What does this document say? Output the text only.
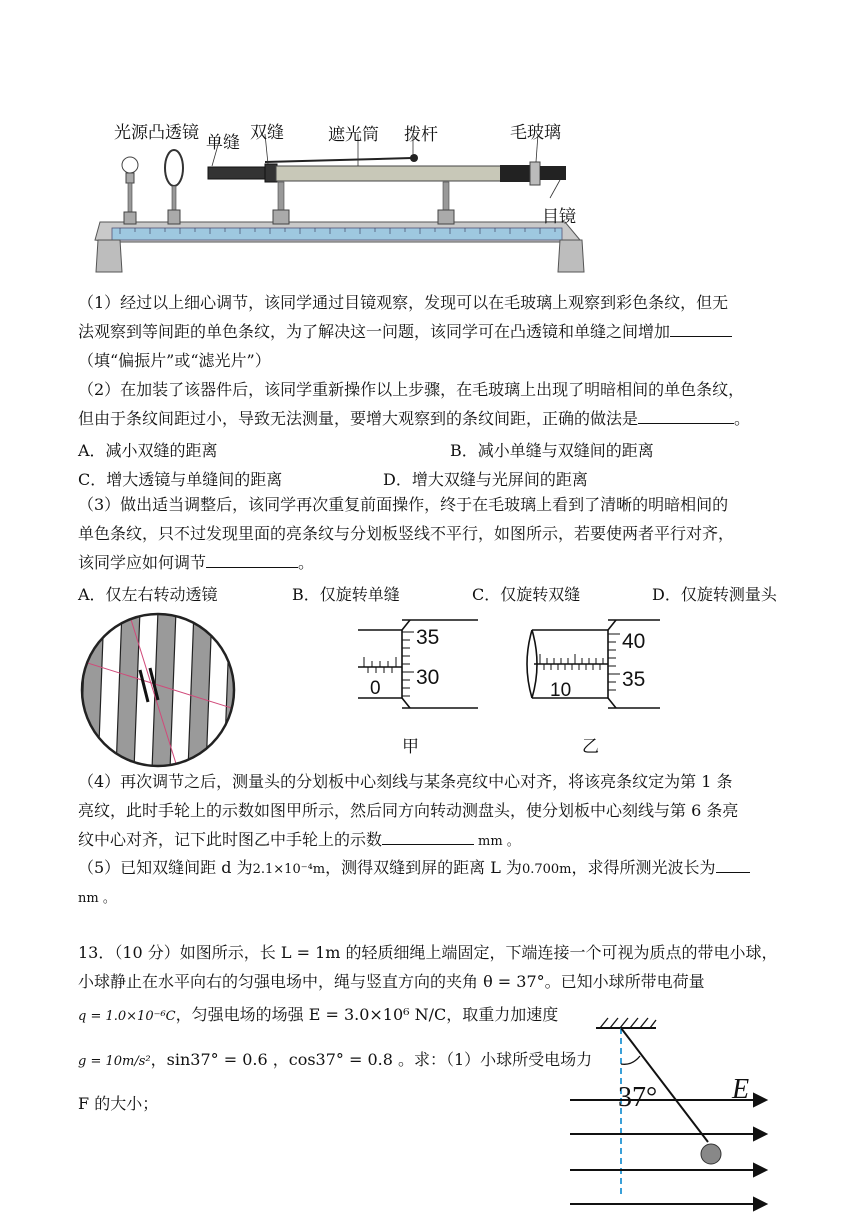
光源 凸透镜 单缝 双缝	遮光筒 拨杆	毛玻璃
目镜
（1）经过以上细心调节，该同学通过目镜观察，发现可以在毛玻璃上观察到彩色条纹，但无
法观察到等间距的单色条纹，为了解决这一问题，该同学可在凸透镜和单缝之间增加
（填“偏振片”或“滤光片”）
（2）在加装了该器件后，该同学重新操作以上步骤，在毛玻璃上出现了明暗相间的单色条纹，
但由于条纹间距过小，导致无法测量，要增大观察到的条纹间距，正确的做法是	。
A．减小双缝的距离	B．减小单缝与双缝间的距离
C．增大透镜与单缝间的距离	D．增大双缝与光屏间的距离
（3）做出适当调整后，该同学再次重复前面操作，终于在毛玻璃上看到了清晰的明暗相间的
单色条纹，只不过发现里面的亮条纹与分划板竖线不平行，如图所示，若要使两者平行对齐，
该同学应如何调节	。
A．仅左右转动透镜	B．仅旋转单缝	C．仅旋转双缝	D．仅旋转测量头
35
30
0
甲
40
35
10
乙
（4）再次调节之后，测量头的分划板中心刻线与某条亮纹中心对齐，将该亮条纹定为第 1 条
亮纹，此时手轮上的示数如图甲所示，然后同方向转动测盘头，使分划板中心刻线与第 6 条亮
纹中心对齐，记下此时图乙中手轮上的示数	mm 。
（5）已知双缝间距 d 为2.1×10⁻⁴m，测得双缝到屏的距离 L 为0.700m，求得所测光波长为
nm 。
13．（10 分）如图所示，长 L = 1m 的轻质细绳上端固定，下端连接一个可视为质点的带电小球，
小球静止在水平向右的匀强电场中，绳与竖直方向的夹角 θ = 37°。已知小球所带电荷量
q = 1.0×10⁻⁶C，匀强电场的场强 E = 3.0×10⁶ N/C，取重力加速度
g = 10m/s²，sin37° = 0.6 ，cos37° = 0.8 。求：（1）小球所受电场力
F 的大小；	37°	E
